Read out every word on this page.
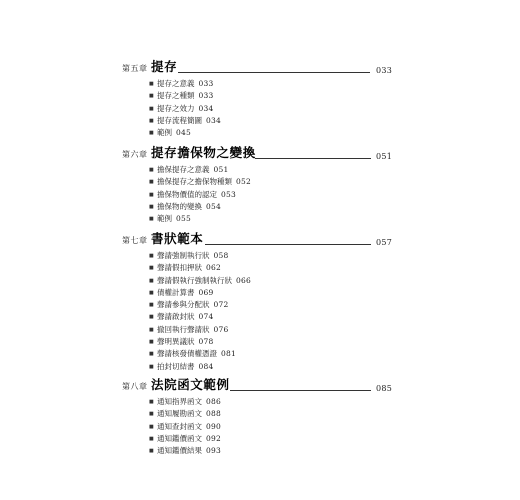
第五章 提存	033
■ 提存之意義 033
■ 提存之種類 033
■ 提存之效力 034
■ 提存流程簡圖 034
■ 範例 045
第六章 提存擔保物之變換	051
■ 擔保提存之意義 051
■ 擔保提存之擔保物種類 052
■ 擔保物價值的認定 053
■ 擔保物的變換 054
■ 範例 055
第七章 書狀範本	057
■ 聲請強制執行狀 058
■ 聲請假扣押狀 062
■ 聲請假執行強制執行狀 066
■ 債權計算書 069
■ 聲請參與分配狀 072
■ 聲請啟封狀 074
■ 撤回執行聲請狀 076
■ 聲明異議狀 078
■ 聲請核發債權憑證 081
■ 拍封切結書 084
第八章 法院函文範例	085
■ 通知指界函文 086
■ 通知履勘函文 088
■ 通知查封函文 090
■ 通知鑑價函文 092
■ 通知鑑價結果 093
